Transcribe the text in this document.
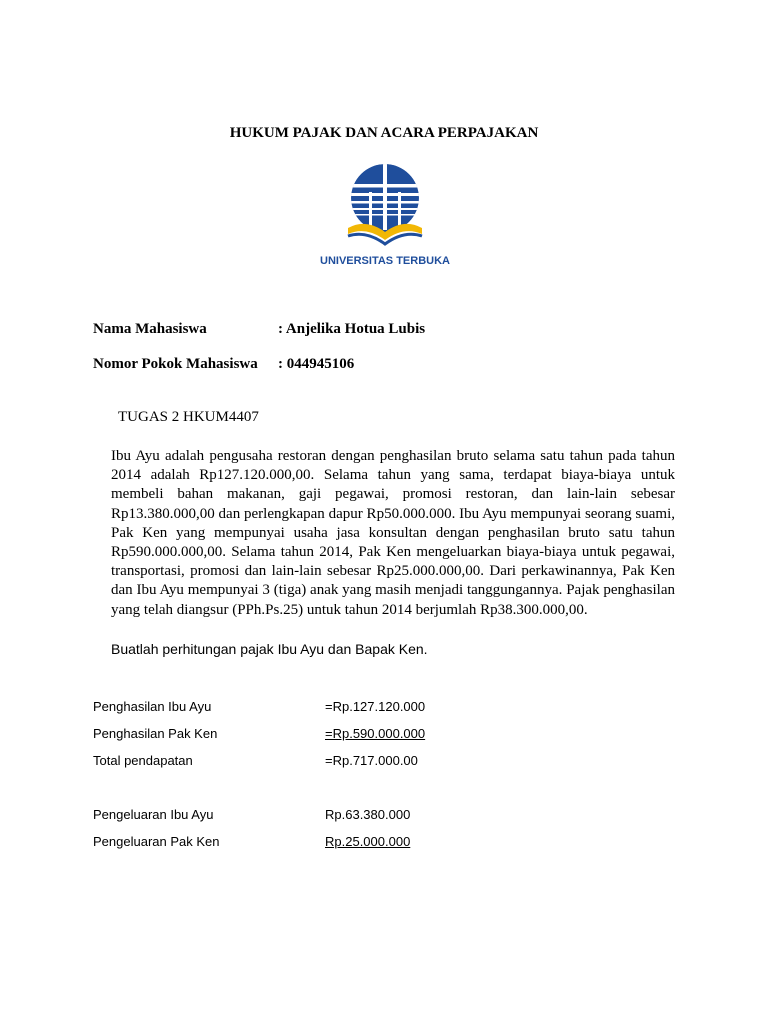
HUKUM PAJAK DAN ACARA PERPAJAKAN
UNIVERSITAS TERBUKA
Nama Mahasiswa	: Anjelika Hotua Lubis
Nomor Pokok Mahasiswa : 044945106
TUGAS 2 HKUM4407
Ibu Ayu adalah pengusaha restoran dengan penghasilan bruto selama satu tahun pada tahun 2014 adalah Rp127.120.000,00. Selama tahun yang sama, terdapat biaya-biaya untuk membeli bahan makanan, gaji pegawai, promosi restoran, dan lain-lain sebesar Rp13.380.000,00 dan perlengkapan dapur Rp50.000.000. Ibu Ayu mempunyai seorang suami, Pak Ken yang mempunyai usaha jasa konsultan dengan penghasilan bruto satu tahun Rp590.000.000,00. Selama tahun 2014, Pak Ken mengeluarkan biaya-biaya untuk pegawai, transportasi, promosi dan lain-lain sebesar Rp25.000.000,00. Dari perkawinannya, Pak Ken dan Ibu Ayu mempunyai 3 (tiga) anak yang masih menjadi tanggungannya. Pajak penghasilan yang telah diangsur (PPh.Ps.25) untuk tahun 2014 berjumlah Rp38.300.000,00.
Buatlah perhitungan pajak Ibu Ayu dan Bapak Ken.
Penghasilan Ibu Ayu	=Rp.127.120.000
Penghasilan Pak Ken	=Rp.590.000.000
Total pendapatan	=Rp.717.000.00
Pengeluaran Ibu Ayu	Rp.63.380.000
Pengeluaran Pak Ken	Rp.25.000.000
